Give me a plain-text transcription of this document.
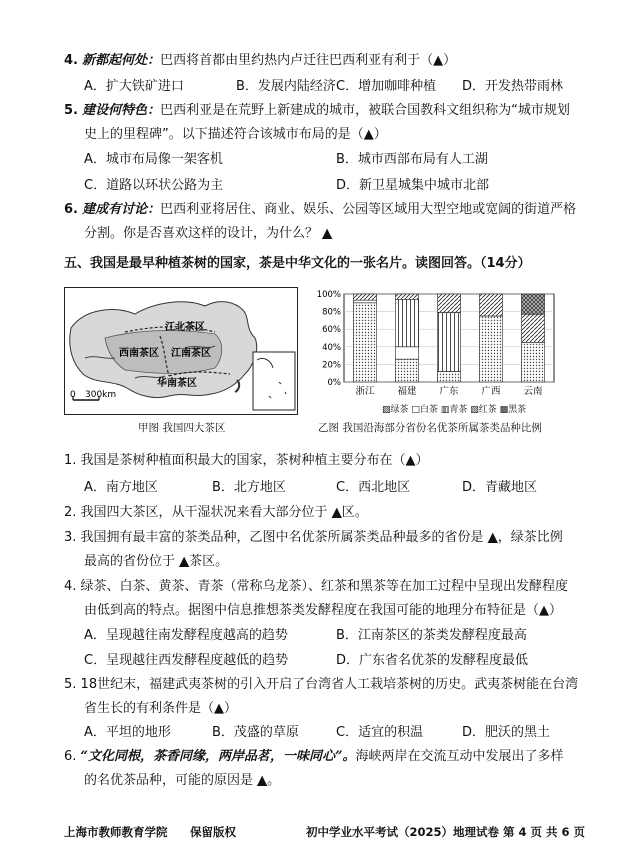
4. 新都起何处：巴西将首都由里约热内卢迁往巴西利亚有利于（▲）
A．扩大铁矿进口	B．发展内陆经济 C．增加咖啡种植 D．开发热带雨林
5. 建设何特色：巴西利亚是在荒野上新建成的城市，被联合国教科文组织称为“城市规划
史上的里程碑”。以下描述符合该城市布局的是（▲）
A．城市布局像一架客机	B．城市西部布局有人工湖
C．道路以环状公路为主	D．新卫星城集中城市北部
6. 建成有讨论：巴西利亚将居住、商业、娱乐、公园等区域用大型空地或宽阔的街道严格
分割。你是否喜欢这样的设计，为什么？ ▲
五、我国是最早种植茶树的国家，茶是中华文化的一张名片。读图回答。（14分）
0 300km
江北茶区
西南茶区 江南茶区
华南茶区
甲图 我国四大茶区
100%
80%
60%
40%
20%
0%
浙江 福建 广东 广西 云南
▨绿茶 □白茶 ▥青茶 ▧红茶 ▩黑茶
乙图 我国沿海部分省份名优茶所属茶类品种比例
1. 我国是茶树种植面积最大的国家，茶树种植主要分布在（▲）
A．南方地区	B．北方地区	C．西北地区	D．青藏地区
2. 我国四大茶区，从干湿状况来看大部分位于 ▲区。
3. 我国拥有最丰富的茶类品种，乙图中名优茶所属茶类品种最多的省份是 ▲，绿茶比例
最高的省份位于 ▲茶区。
4. 绿茶、白茶、黄茶、青茶（常称乌龙茶）、红茶和黑茶等在加工过程中呈现出发酵程度
由低到高的特点。据图中信息推想茶类发酵程度在我国可能的地理分布特征是（▲）
A．呈现越往南发酵程度越高的趋势	B．江南茶区的茶类发酵程度最高
C．呈现越往西发酵程度越低的趋势	D．广东省名优茶的发酵程度最低
5. 18世纪末，福建武夷茶树的引入开启了台湾省人工栽培茶树的历史。武夷茶树能在台湾
省生长的有利条件是（▲）
A．平坦的地形	B．茂盛的草原	C．适宜的积温	D．肥沃的黑土
6. “文化同根，茶香同缘，两岸品茗，一味同心”。海峡两岸在交流互动中发展出了多样
的名优茶品种，可能的原因是 ▲。
上海市教师教育学院 保留版权	初中学业水平考试（2025）地理试卷 第 4 页 共 6 页
